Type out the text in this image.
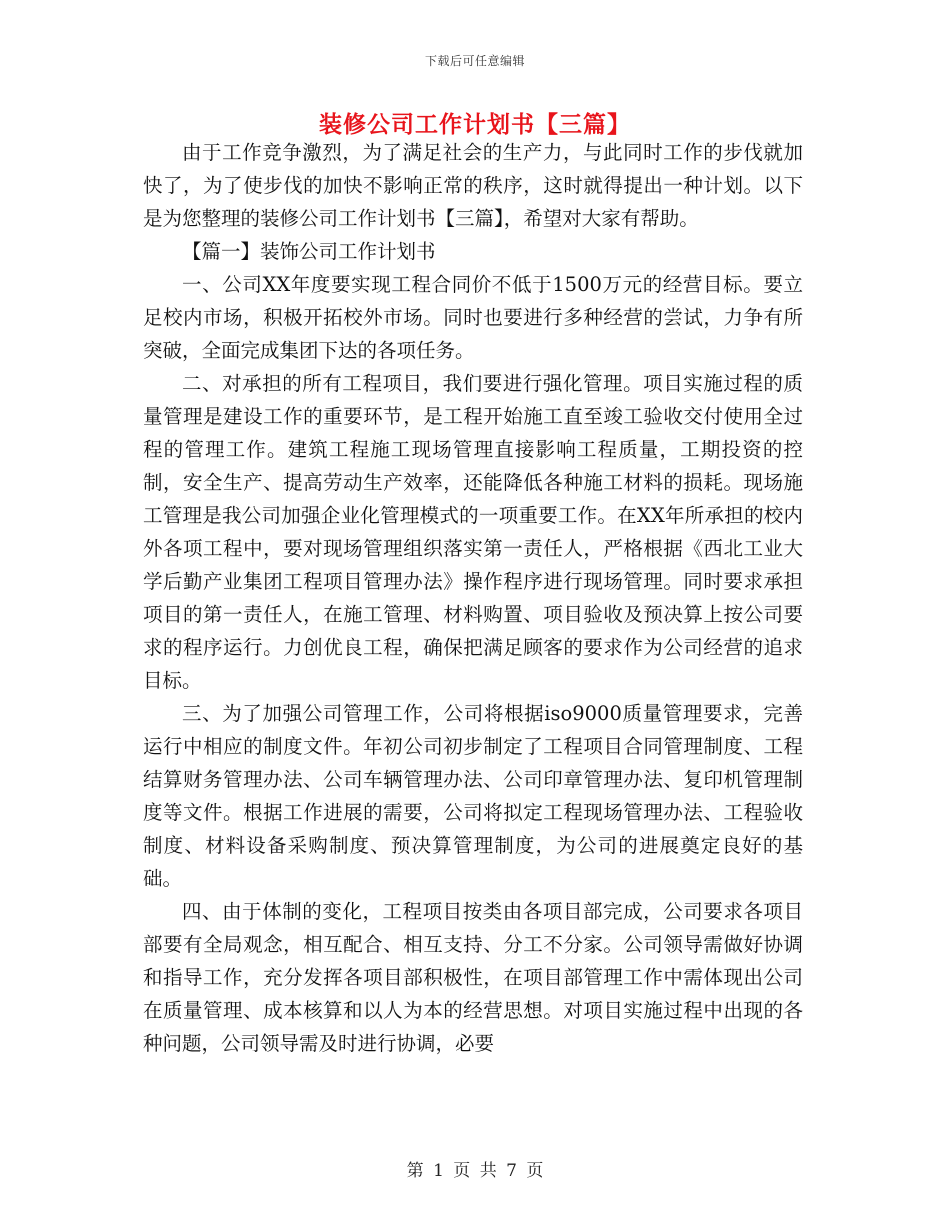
下载后可任意编辑
装修公司工作计划书【三篇】

由于工作竞争激烈，为了满足社会的生产力，与此同时工作的步伐就加快了，为了使步伐的加快不影响正常的秩序，这时就得提出一种计划。以下是为您整理的装修公司工作计划书【三篇】，希望对大家有帮助。

【篇一】装饰公司工作计划书

一、公司XX年度要实现工程合同价不低于1500万元的经营目标。要立足校内市场，积极开拓校外市场。同时也要进行多种经营的尝试，力争有所突破，全面完成集团下达的各项任务。

二、对承担的所有工程项目，我们要进行强化管理。项目实施过程的质量管理是建设工作的重要环节，是工程开始施工直至竣工验收交付使用全过程的管理工作。建筑工程施工现场管理直接影响工程质量，工期投资的控制，安全生产、提高劳动生产效率，还能降低各种施工材料的损耗。现场施工管理是我公司加强企业化管理模式的一项重要工作。在XX年所承担的校内外各项工程中，要对现场管理组织落实第一责任人，严格根据《西北工业大学后勤产业集团工程项目管理办法》操作程序进行现场管理。同时要求承担项目的第一责任人，在施工管理、材料购置、项目验收及预决算上按公司要求的程序运行。力创优良工程，确保把满足顾客的要求作为公司经营的追求目标。

三、为了加强公司管理工作，公司将根据iso9000质量管理要求，完善运行中相应的制度文件。年初公司初步制定了工程项目合同管理制度、工程结算财务管理办法、公司车辆管理办法、公司印章管理办法、复印机管理制度等文件。根据工作进展的需要，公司将拟定工程现场管理办法、工程验收制度、材料设备采购制度、预决算管理制度，为公司的进展奠定良好的基础。

四、由于体制的变化，工程项目按类由各项目部完成，公司要求各项目部要有全局观念，相互配合、相互支持、分工不分家。公司领导需做好协调和指导工作，充分发挥各项目部积极性，在项目部管理工作中需体现出公司在质量管理、成本核算和以人为本的经营思想。对项目实施过程中出现的各种问题，公司领导需及时进行协调，必要

第 1 页 共 7 页
